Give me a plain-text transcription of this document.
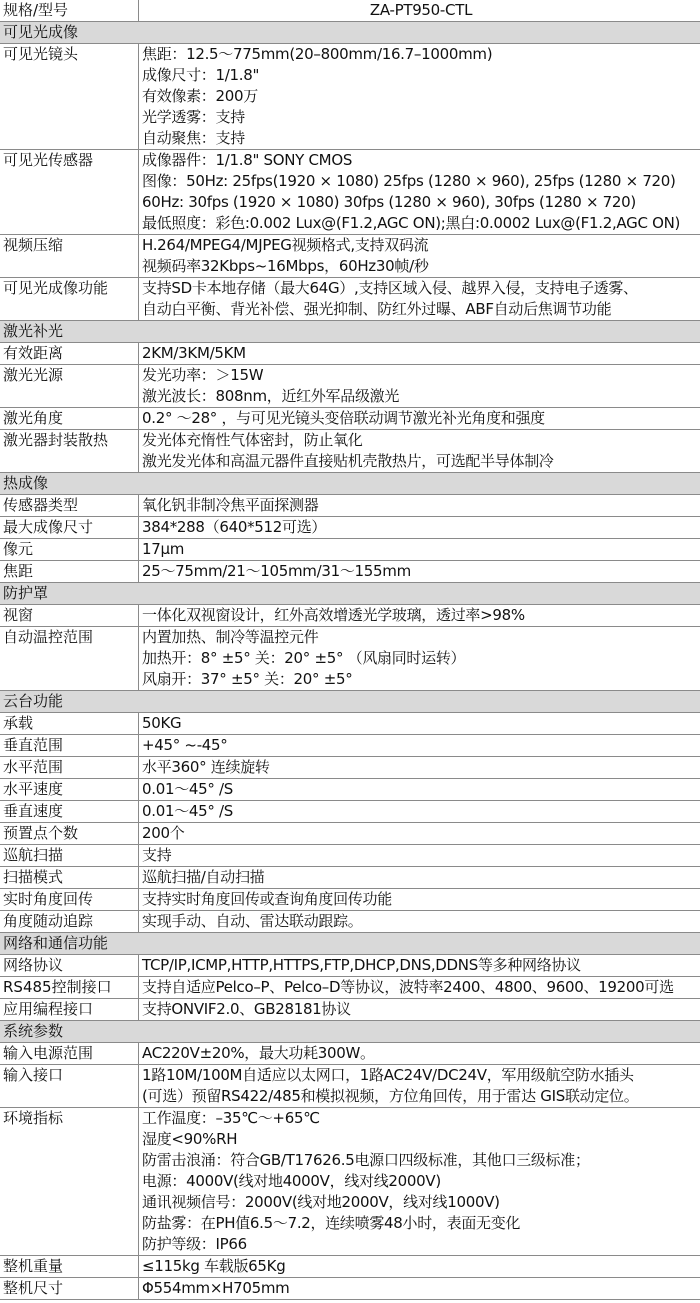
规格/型号	ZA-PT950-CTL
可见光成像
可见光镜头	焦距：12.5～775mm(20–800mm/16.7–1000mm)
成像尺寸：1/1.8"
有效像素：200万
光学透雾：支持
自动聚焦：支持
可见光传感器	成像器件：1/1.8" SONY CMOS
图像：50Hz: 25fps(1920 × 1080) 25fps (1280 × 960), 25fps (1280 × 720)
60Hz: 30fps (1920 × 1080) 30fps (1280 × 960), 30fps (1280 × 720)
最低照度：彩色:0.002 Lux@(F1.2,AGC ON);黑白:0.0002 Lux@(F1.2,AGC ON)
视频压缩	H.264/MPEG4/MJPEG视频格式,支持双码流
视频码率32Kbps~16Mbps，60Hz30帧/秒
可见光成像功能	支持SD卡本地存储（最大64G）,支持区域入侵、越界入侵，支持电子透雾、
自动白平衡、背光补偿、强光抑制、防红外过曝、ABF自动后焦调节功能
激光补光
有效距离	2KM/3KM/5KM
激光光源	发光功率：＞15W
激光波长：808nm，近红外军品级激光
激光角度	0.2° ～28° ，与可见光镜头变倍联动调节激光补光角度和强度
激光器封装散热	发光体充惰性气体密封，防止氧化
激光发光体和高温元器件直接贴机壳散热片，可选配半导体制冷
热成像
传感器类型	氧化钒非制冷焦平面探测器
最大成像尺寸	384*288（640*512可选）
像元	17μm
焦距	25～75mm/21～105mm/31～155mm
防护罩
视窗	一体化双视窗设计，红外高效增透光学玻璃，透过率>98%
自动温控范围	内置加热、制冷等温控元件
加热开：8° ±5° 关：20° ±5° （风扇同时运转）
风扇开：37° ±5° 关：20° ±5°
云台功能
承载	50KG
垂直范围	+45° ~-45°
水平范围	水平360° 连续旋转
水平速度	0.01～45° /S
垂直速度	0.01～45° /S
预置点个数	200个
巡航扫描	支持
扫描模式	巡航扫描/自动扫描
实时角度回传	支持实时角度回传或查询角度回传功能
角度随动追踪	实现手动、自动、雷达联动跟踪。
网络和通信功能
网络协议	TCP/IP,ICMP,HTTP,HTTPS,FTP,DHCP,DNS,DDNS等多种网络协议
RS485控制接口	支持自适应Pelco–P、Pelco–D等协议，波特率2400、4800、9600、19200可选
应用编程接口	支持ONVIF2.0、GB28181协议
系统参数
输入电源范围	AC220V±20%，最大功耗300W。
输入接口	1路10M/100M自适应以太网口，1路AC24V/DC24V，军用级航空防水插头
(可选）预留RS422/485和模拟视频，方位角回传，用于雷达 GIS联动定位。
环境指标	工作温度：–35℃～+65℃
湿度<90%RH
防雷击浪涌：符合GB/T17626.5电源口四级标准，其他口三级标准；
电源：4000V(线对地4000V，线对线2000V)
通讯视频信号：2000V(线对地2000V，线对线1000V)
防盐雾：在PH值6.5～7.2，连续喷雾48小时，表面无变化
防护等级：IP66
整机重量	≤115kg 车载版65Kg
整机尺寸	Φ554mm×H705mm
